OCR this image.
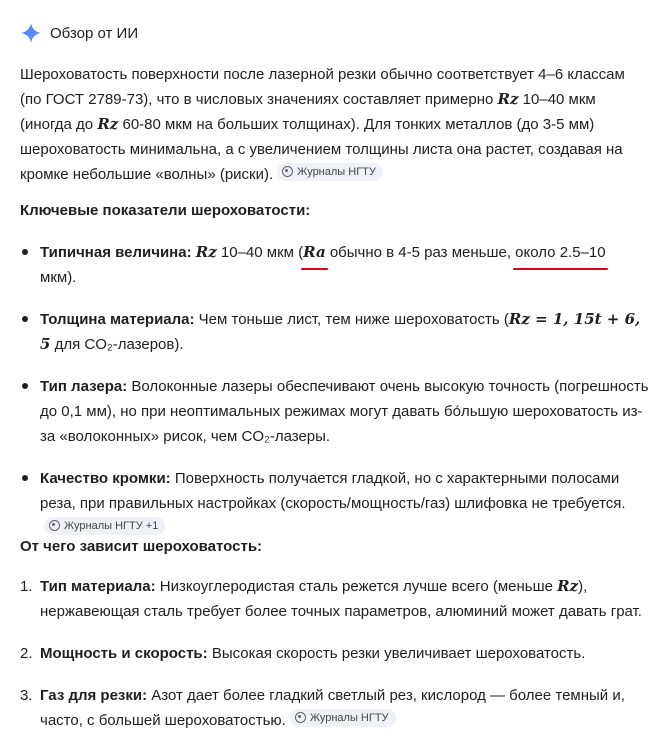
Обзор от ИИ

Шероховатость поверхности после лазерной резки обычно соответствует 4–6 классам (по ГОСТ 2789-73), что в числовых значениях составляет примерно Rz 10–40 мкм (иногда до Rz 60-80 мкм на больших толщинах). Для тонких металлов (до 3-5 мм) шероховатость минимальна, а с увеличением толщины листа она растет, создавая на кромке небольшие «волны» (риски). Журналы НГТУ

Ключевые показатели шероховатости:
Типичная величина: Rz 10–40 мкм (Ra обычно в 4-5 раз меньше, около 2.5–10
мкм).
Толщина материала: Чем тоньше лист, тем ниже шероховатость (Rz = 1, 15t + 6, 5 для CO₂-лазеров).
Тип лазера: Волоконные лазеры обеспечивают очень высокую точность (погрешность до 0,1 мм), но при неоптимальных режимах могут давать бо́льшую шероховатость из-за «волоконных» рисок, чем CO₂-лазеры.
Качество кромки: Поверхность получается гладкой, но с характерными полосами реза, при правильных настройках (скорость/мощность/газ) шлифовка не требуется.
Журналы НГТУ +1
От чего зависит шероховатость:
1. Тип материала: Низкоуглеродистая сталь режется лучше всего (меньше Rz), нержавеющая сталь требует более точных параметров, алюминий может давать грат.
2. Мощность и скорость: Высокая скорость резки увеличивает шероховатость.
3. Газ для резки: Азот дает более гладкий светлый рез, кислород — более темный и, часто, с большей шероховатостью. Журналы НГТУ
